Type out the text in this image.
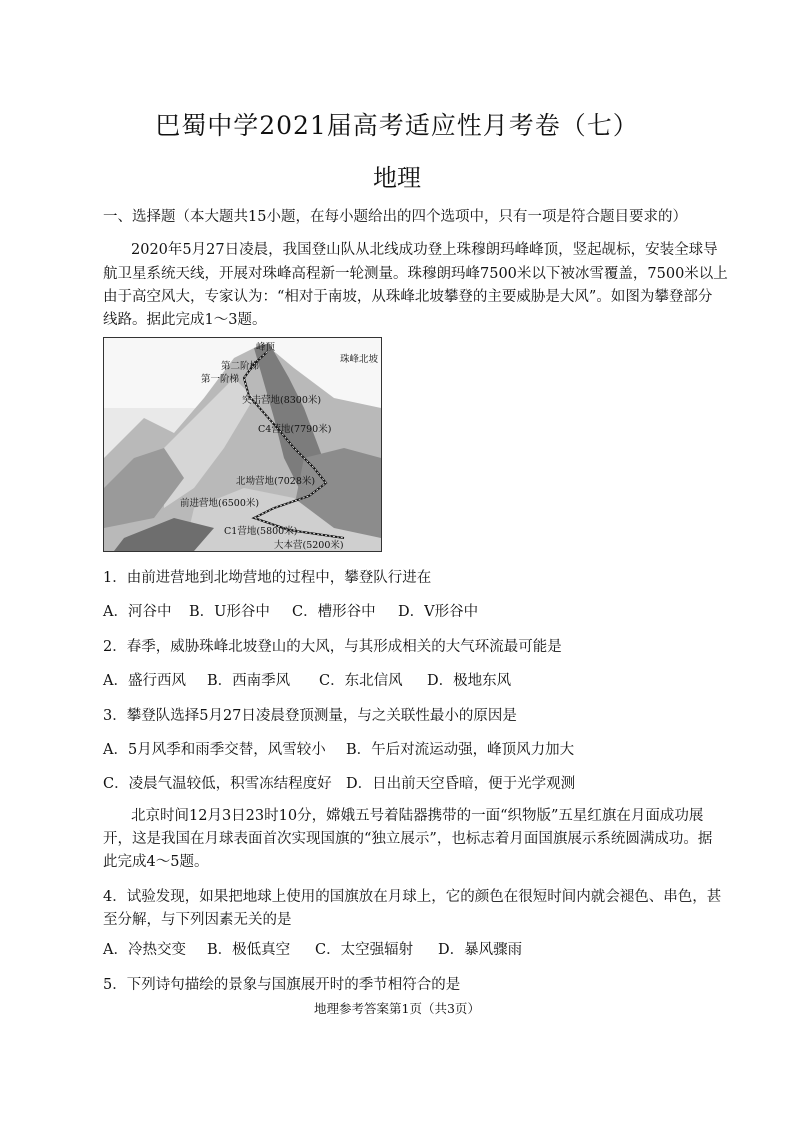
巴蜀中学2021届高考适应性月考卷（七）
地理
一、选择题（本大题共15小题，在每小题给出的四个选项中，只有一项是符合题目要求的）
2020年5月27日凌晨，我国登山队从北线成功登上珠穆朗玛峰峰顶，竖起觇标，安装全球导
航卫星系统天线，开展对珠峰高程新一轮测量。珠穆朗玛峰7500米以下被冰雪覆盖，7500米以上
由于高空风大，专家认为：“相对于南坡，从珠峰北坡攀登的主要威胁是大风”。如图为攀登部分
线路。据此完成1～3题。
峰顶
珠峰北坡
第二阶梯
第一阶梯
突击营地(8300米)
C4营地(7790米)
北坳营地(7028米)
前进营地(6500米)
C1营地(5800米)
大本营(5200米)
1．由前进营地到北坳营地的过程中，攀登队行进在
A．河谷中 B．U形谷中 C．槽形谷中 D．V形谷中
2．春季，威胁珠峰北坡登山的大风，与其形成相关的大气环流最可能是
A．盛行西风 B．西南季风 C．东北信风 D．极地东风
3．攀登队选择5月27日凌晨登顶测量，与之关联性最小的原因是
A．5月风季和雨季交替，风雪较小 B．午后对流运动强，峰顶风力加大
C．凌晨气温较低，积雪冻结程度好 D．日出前天空昏暗，便于光学观测
北京时间12月3日23时10分，嫦娥五号着陆器携带的一面“织物版”五星红旗在月面成功展
开，这是我国在月球表面首次实现国旗的“独立展示”，也标志着月面国旗展示系统圆满成功。据
此完成4～5题。
4．试验发现，如果把地球上使用的国旗放在月球上，它的颜色在很短时间内就会褪色、串色，甚
至分解，与下列因素无关的是
A．冷热交变 B．极低真空 C．太空强辐射 D．暴风骤雨
5．下列诗句描绘的景象与国旗展开时的季节相符合的是
地理参考答案第1页（共3页）
